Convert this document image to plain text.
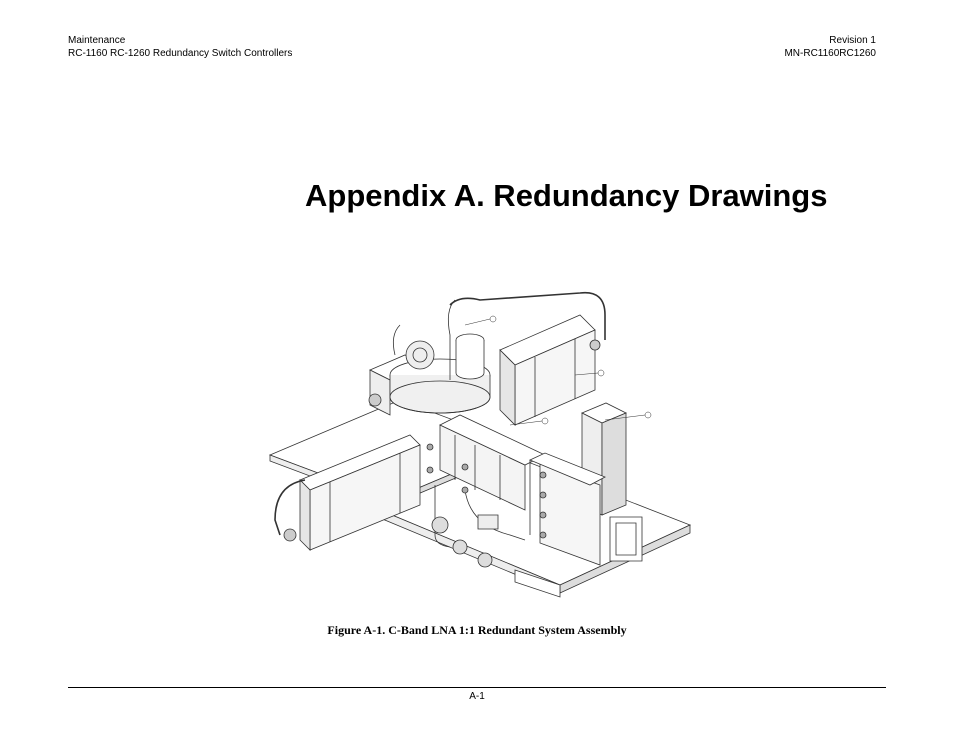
Maintenance
RC-1160 RC-1260 Redundancy Switch Controllers
Revision 1
MN-RC1160RC1260
Appendix A. Redundancy Drawings
Figure A-1. C-Band LNA 1:1 Redundant System Assembly
A-1
